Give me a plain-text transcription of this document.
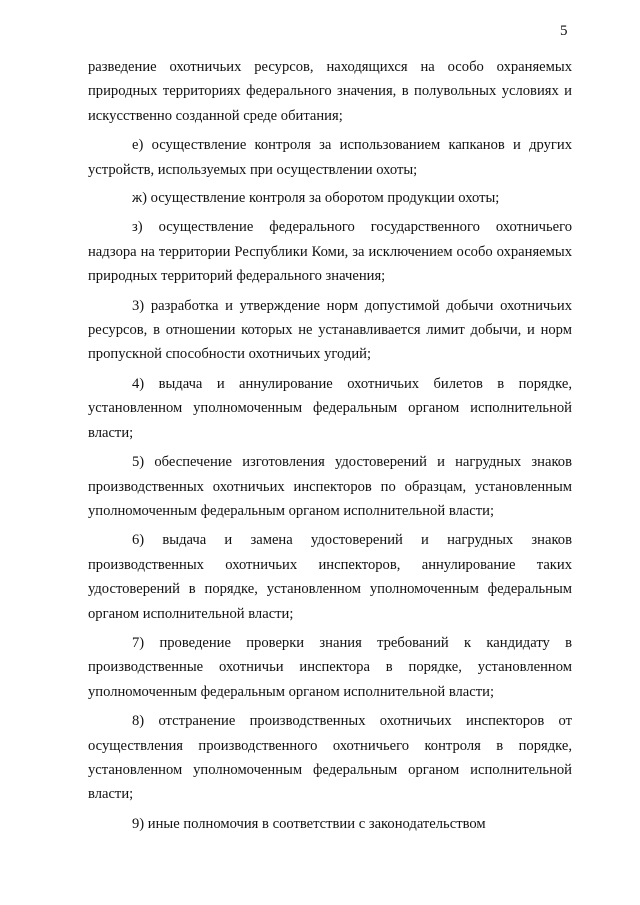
5

разведение охотничьих ресурсов, находящихся на особо охраняемых природных территориях федерального значения, в полувольных условиях и искусственно созданной среде обитания;

е) осуществление контроля за использованием капканов и других устройств, используемых при осуществлении охоты;

ж) осуществление контроля за оборотом продукции охоты;

з) осуществление федерального государственного охотничьего надзора на территории Республики Коми, за исключением особо охраняемых природных территорий федерального значения;

3) разработка и утверждение норм допустимой добычи охотничьих ресурсов, в отношении которых не устанавливается лимит добычи, и норм пропускной способности охотничьих угодий;

4) выдача и аннулирование охотничьих билетов в порядке, установленном уполномоченным федеральным органом исполнительной власти;

5) обеспечение изготовления удостоверений и нагрудных знаков производственных охотничьих инспекторов по образцам, установленным уполномоченным федеральным органом исполнительной власти;

6) выдача и замена удостоверений и нагрудных знаков производственных охотничьих инспекторов, аннулирование таких удостоверений в порядке, установленном уполномоченным федеральным органом исполнительной власти;

7) проведение проверки знания требований к кандидату в производственные охотничьи инспектора в порядке, установленном уполномоченным федеральным органом исполнительной власти;

8) отстранение производственных охотничьих инспекторов от осуществления производственного охотничьего контроля в порядке, установленном уполномоченным федеральным органом исполнительной власти;

9) иные полномочия в соответствии с законодательством
